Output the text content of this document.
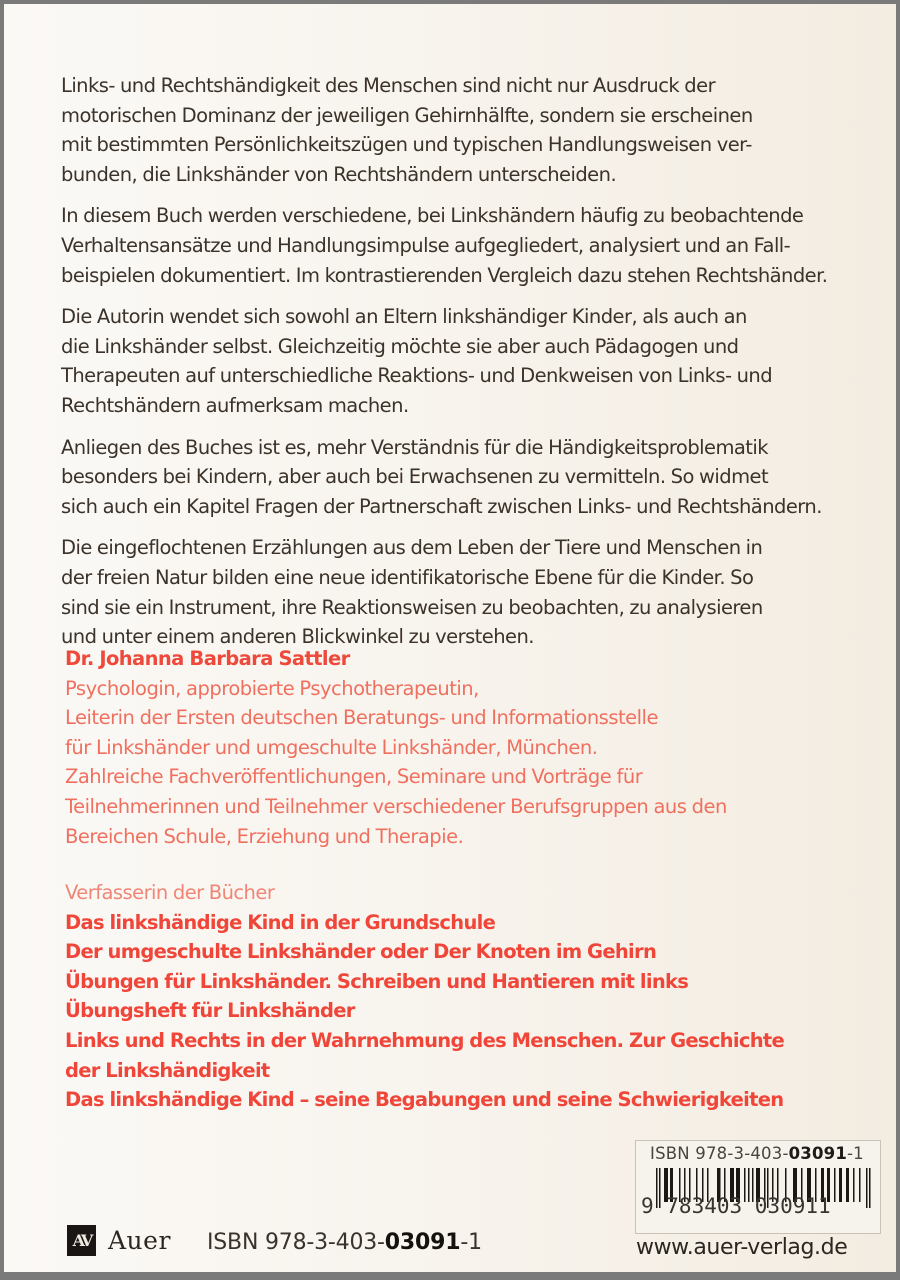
Links- und Rechtshändigkeit des Menschen sind nicht nur Ausdruck der
motorischen Dominanz der jeweiligen Gehirnhälfte, sondern sie erscheinen
mit bestimmten Persönlichkeitszügen und typischen Handlungsweisen ver-
bunden, die Linkshänder von Rechtshändern unterscheiden.

In diesem Buch werden verschiedene, bei Linkshändern häufig zu beobachtende
Verhaltensansätze und Handlungsimpulse aufgegliedert, analysiert und an Fall-
beispielen dokumentiert. Im kontrastierenden Vergleich dazu stehen Rechtshänder.

Die Autorin wendet sich sowohl an Eltern linkshändiger Kinder, als auch an
die Linkshänder selbst. Gleichzeitig möchte sie aber auch Pädagogen und
Therapeuten auf unterschiedliche Reaktions- und Denkweisen von Links- und
Rechtshändern aufmerksam machen.

Anliegen des Buches ist es, mehr Verständnis für die Händigkeitsproblematik
besonders bei Kindern, aber auch bei Erwachsenen zu vermitteln. So widmet
sich auch ein Kapitel Fragen der Partnerschaft zwischen Links- und Rechtshändern.

Die eingeflochtenen Erzählungen aus dem Leben der Tiere und Menschen in
der freien Natur bilden eine neue identifikatorische Ebene für die Kinder. So
sind sie ein Instrument, ihre Reaktionsweisen zu beobachten, zu analysieren
und unter einem anderen Blickwinkel zu verstehen.

Dr. Johanna Barbara Sattler
Psychologin, approbierte Psychotherapeutin,
Leiterin der Ersten deutschen Beratungs- und Informationsstelle
für Linkshänder und umgeschulte Linkshänder, München.
Zahlreiche Fachveröffentlichungen, Seminare und Vorträge für
Teilnehmerinnen und Teilnehmer verschiedener Berufsgruppen aus den
Bereichen Schule, Erziehung und Therapie.
Verfasserin der Bücher
Das linkshändige Kind in der Grundschule
Der umgeschulte Linkshänder oder Der Knoten im Gehirn
Übungen für Linkshänder. Schreiben und Hantieren mit links
Übungsheft für Linkshänder
Links und Rechts in der Wahrnehmung des Menschen. Zur Geschichte
der Linkshändigkeit
Das linkshändige Kind – seine Begabungen und seine Schwierigkeiten
ISBN 978-3-403-03091-1
9 783403 030911
www.auer-verlag.de
AV Auer ISBN 978-3-403-03091-1
